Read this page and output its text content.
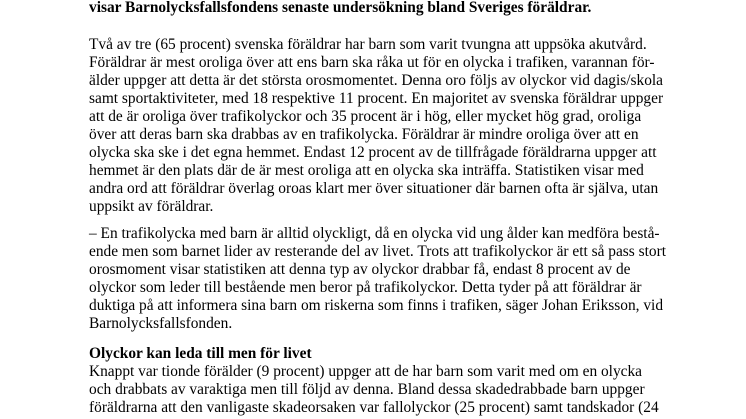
visar Barnolycksfallsfondens senaste undersökning bland Sveriges föräldrar.
Två av tre (65 procent) svenska föräldrar har barn som varit tvungna att uppsöka akutvård.
Föräldrar är mest oroliga över att ens barn ska råka ut för en olycka i trafiken, varannan för-
älder uppger att detta är det största orosmomentet. Denna oro följs av olyckor vid dagis/skola
samt sportaktiviteter, med 18 respektive 11 procent. En majoritet av svenska föräldrar uppger
att de är oroliga över trafikolyckor och 35 procent är i hög, eller mycket hög grad, oroliga
över att deras barn ska drabbas av en trafikolycka. Föräldrar är mindre oroliga över att en
olycka ska ske i det egna hemmet. Endast 12 procent av de tillfrågade föräldrarna uppger att
hemmet är den plats där de är mest oroliga att en olycka ska inträffa. Statistiken visar med
andra ord att föräldrar överlag oroas klart mer över situationer där barnen ofta är själva, utan
uppsikt av föräldrar.
– En trafikolycka med barn är alltid olyckligt, då en olycka vid ung ålder kan medföra bestå-
ende men som barnet lider av resterande del av livet. Trots att trafikolyckor är ett så pass stort
orosmoment visar statistiken att denna typ av olyckor drabbar få, endast 8 procent av de
olyckor som leder till bestående men beror på trafikolyckor. Detta tyder på att föräldrar är
duktiga på att informera sina barn om riskerna som finns i trafiken, säger Johan Eriksson, vid
Barnolycksfallsfonden.
Olyckor kan leda till men för livet
Knappt var tionde förälder (9 procent) uppger att de har barn som varit med om en olycka
och drabbats av varaktiga men till följd av denna. Bland dessa skadedrabbade barn uppger
föräldrarna att den vanligaste skadeorsaken var fallolyckor (25 procent) samt tandskador (24
